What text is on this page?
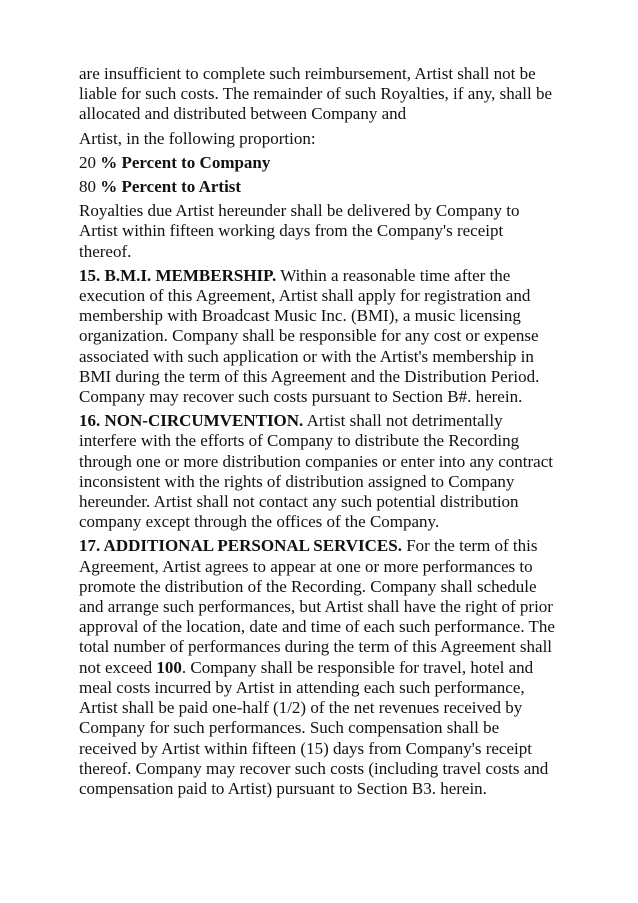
are insufficient to complete such reimbursement, Artist shall not be
liable for such costs. The remainder of such Royalties, if any, shall be
allocated and distributed between Company and

Artist, in the following proportion:

20 % Percent to Company

80 % Percent to Artist

Royalties due Artist hereunder shall be delivered by Company to
Artist within fifteen working days from the Company's receipt
thereof.

15. B.M.I. MEMBERSHIP. Within a reasonable time after the
execution of this Agreement, Artist shall apply for registration and
membership with Broadcast Music Inc. (BMI), a music licensing
organization. Company shall be responsible for any cost or expense
associated with such application or with the Artist's membership in
BMI during the term of this Agreement and the Distribution Period.
Company may recover such costs pursuant to Section B#. herein.

16. NON-CIRCUMVENTION. Artist shall not detrimentally
interfere with the efforts of Company to distribute the Recording
through one or more distribution companies or enter into any contract
inconsistent with the rights of distribution assigned to Company
hereunder. Artist shall not contact any such potential distribution
company except through the offices of the Company.

17. ADDITIONAL PERSONAL SERVICES. For the term of this
Agreement, Artist agrees to appear at one or more performances to
promote the distribution of the Recording. Company shall schedule
and arrange such performances, but Artist shall have the right of prior
approval of the location, date and time of each such performance. The
total number of performances during the term of this Agreement shall
not exceed 100. Company shall be responsible for travel, hotel and
meal costs incurred by Artist in attending each such performance,
Artist shall be paid one-half (1/2) of the net revenues received by
Company for such performances. Such compensation shall be
received by Artist within fifteen (15) days from Company's receipt
thereof. Company may recover such costs (including travel costs and
compensation paid to Artist) pursuant to Section B3. herein.
